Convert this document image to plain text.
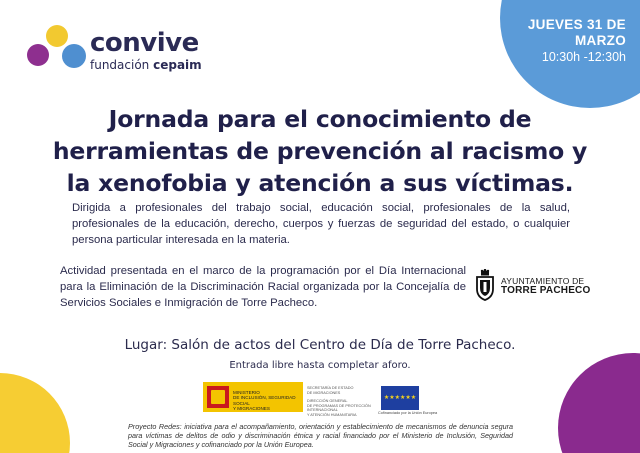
convive
fundación cepaim
JUEVES 31 DE
MARZO
10:30h -12:30h
Jornada para el conocimiento de
herramientas de prevención al racismo y
la xenofobia y atención a sus víctimas.

Dirigida a profesionales del trabajo social, educación social, profesionales de la salud, profesionales de la educación, derecho, cuerpos y fuerzas de seguridad del estado, o cualquier persona particular interesada en la materia.

Actividad presentada en el marco de la programación por el Día Internacional para la Eliminación de la Discriminación Racial organizada por la Concejalía de Servicios Sociales e Inmigración de Torre Pacheco.

AYUNTAMIENTO DE
TORRE PACHECO
Lugar: Salón de actos del Centro de Día de Torre Pacheco.
Entrada libre hasta completar aforo.
MINISTERIO
DE INCLUSIÓN, SEGURIDAD SOCIAL
Y MIGRACIONES
SECRETARÍA DE ESTADO
DE MIGRACIONES
DIRECCIÓN GENERAL
DE PROGRAMAS DE PROTECCIÓN INTERNACIONAL
Y ATENCIÓN HUMANITARIA
★★★★★★
Cofinanciado por la Unión Europea

Proyecto Redes: iniciativa para el acompañamiento, orientación y establecimiento de mecanismos de denuncia segura para víctimas de delitos de odio y discriminación étnica y racial financiado por el Ministerio de Inclusión, Seguridad Social y Migraciones y cofinanciado por la Unión Europea.
